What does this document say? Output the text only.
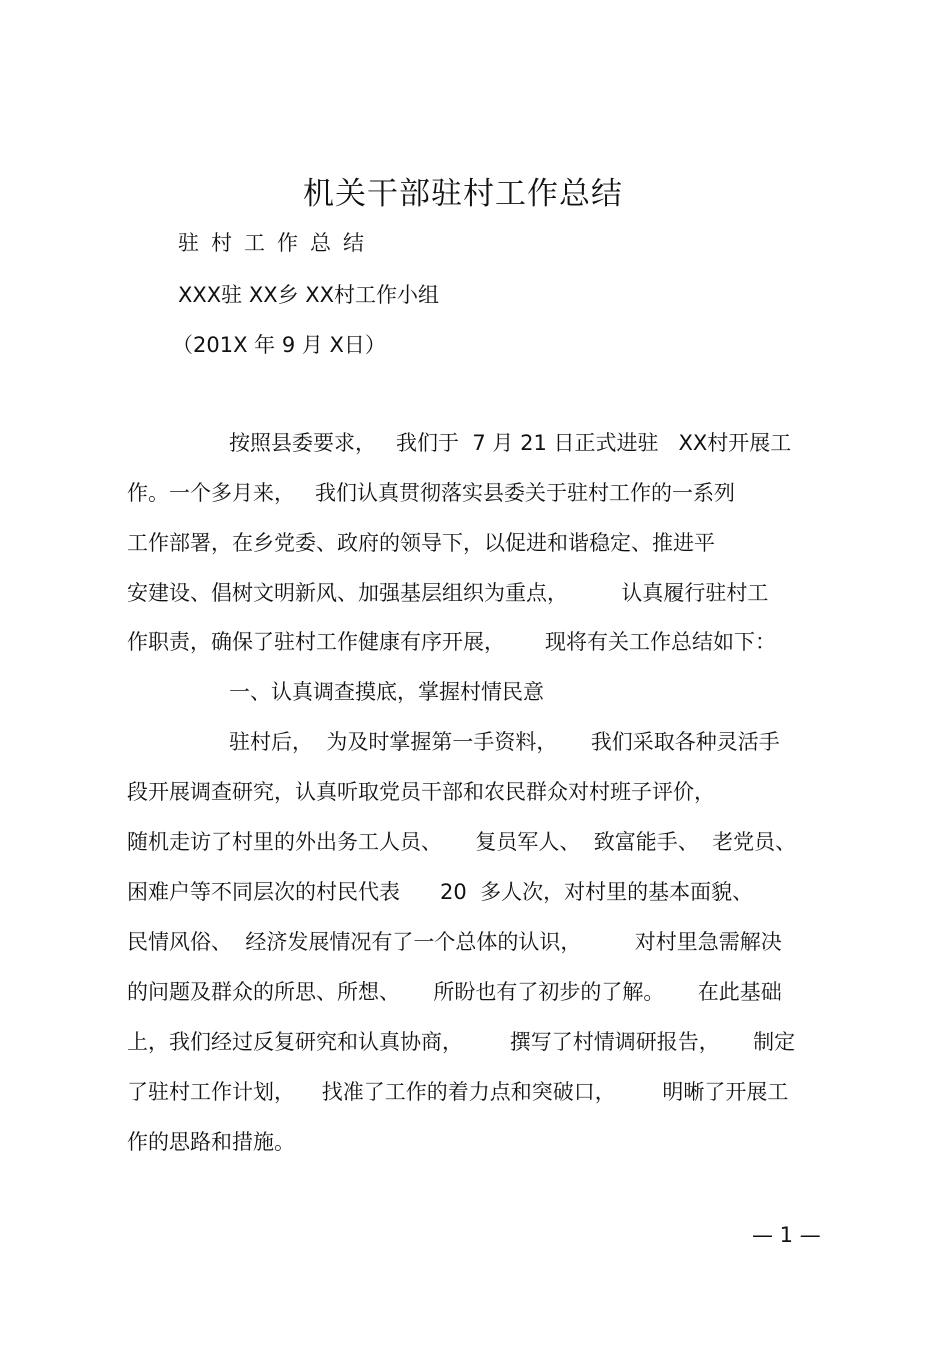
机关干部驻村工作总结
驻村工作总结
XXX驻 XX乡 XX村工作小组
（201X 年 9 月 X日）
按照县委要求，   我们于  7 月 21 日正式进驻   XX村开展工
作。一个多月来，   我们认真贯彻落实县委关于驻村工作的一系列
工作部署，在乡党委、政府的领导下，以促进和谐稳定、推进平
安建设、倡树文明新风、加强基层组织为重点，        认真履行驻村工
作职责，确保了驻村工作健康有序开展，      现将有关工作总结如下：
一、认真调查摸底，掌握村情民意
驻村后，  为及时掌握第一手资料，     我们采取各种灵活手
段开展调查研究，认真听取党员干部和农民群众对村班子评价，
随机走访了村里的外出务工人员、     复员军人、  致富能手、  老党员、
困难户等不同层次的村民代表      20  多人次，对村里的基本面貌、
民情风俗、  经济发展情况有了一个总体的认识，        对村里急需解决
的问题及群众的所思、所想、     所盼也有了初步的了解。     在此基础
上，我们经过反复研究和认真协商，       撰写了村情调研报告，     制定
了驻村工作计划，    找准了工作的着力点和突破口，       明晰了开展工
作的思路和措施。
— 1 —
